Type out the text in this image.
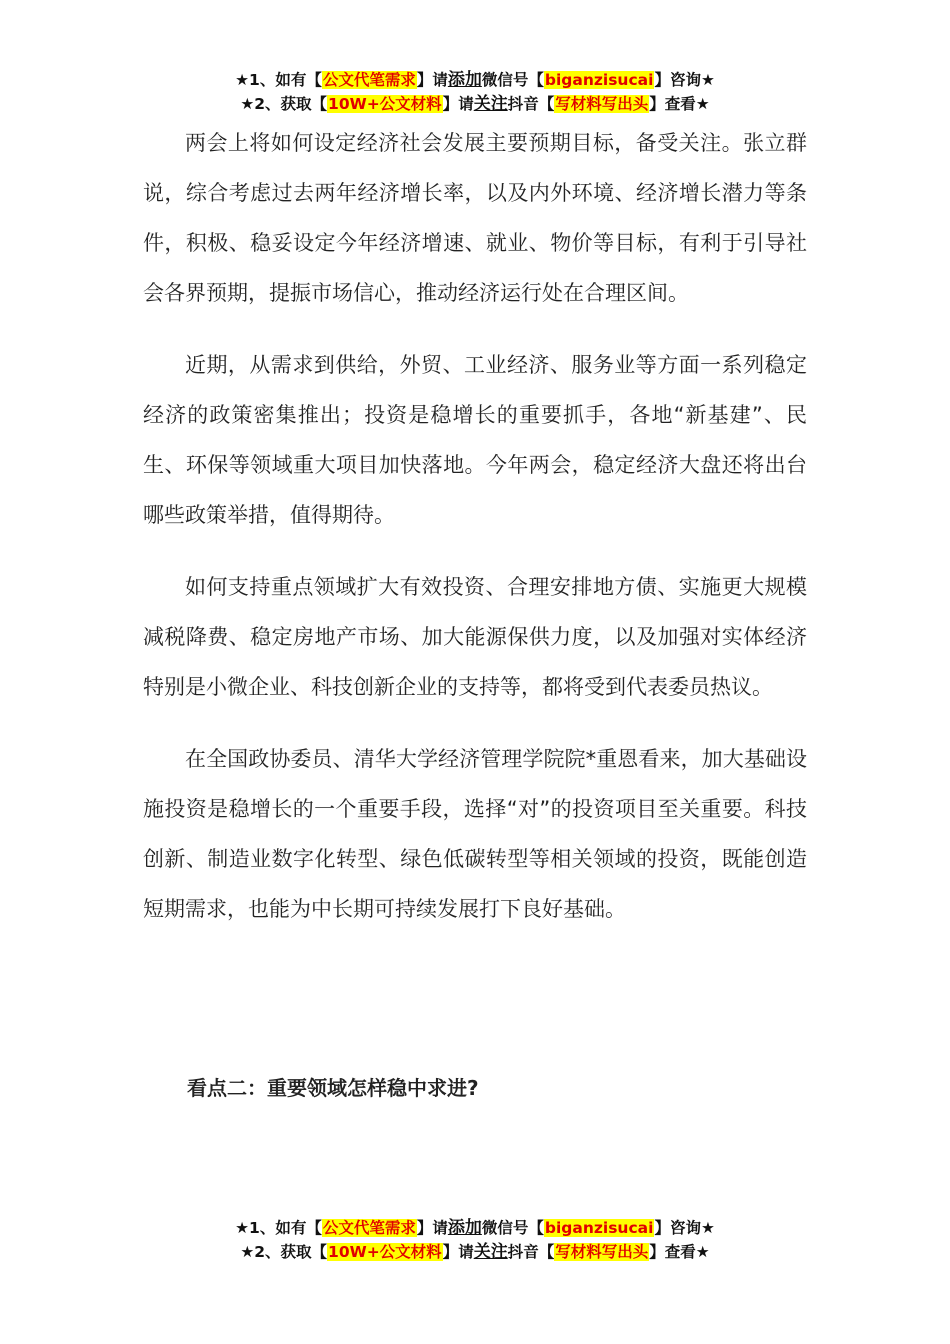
★1、如有【公文代笔需求】请添加微信号【biganzisucai】咨询★
★2、获取【10W+公文材料】请关注抖音【写材料写出头】查看★

两会上将如何设定经济社会发展主要预期目标，备受关注。张立群说，综合考虑过去两年经济增长率，以及内外环境、经济增长潜力等条件，积极、稳妥设定今年经济增速、就业、物价等目标，有利于引导社会各界预期，提振市场信心，推动经济运行处在合理区间。

近期，从需求到供给，外贸、工业经济、服务业等方面一系列稳定经济的政策密集推出；投资是稳增长的重要抓手，各地“新基建”、民生、环保等领域重大项目加快落地。今年两会，稳定经济大盘还将出台哪些政策举措，值得期待。

如何支持重点领域扩大有效投资、合理安排地方债、实施更大规模减税降费、稳定房地产市场、加大能源保供力度，以及加强对实体经济特别是小微企业、科技创新企业的支持等，都将受到代表委员热议。

在全国政协委员、清华大学经济管理学院院*重恩看来，加大基础设施投资是稳增长的一个重要手段，选择“对”的投资项目至关重要。科技创新、制造业数字化转型、绿色低碳转型等相关领域的投资，既能创造短期需求，也能为中长期可持续发展打下良好基础。

看点二：重要领域怎样稳中求进?
★1、如有【公文代笔需求】请添加微信号【biganzisucai】咨询★
★2、获取【10W+公文材料】请关注抖音【写材料写出头】查看★
